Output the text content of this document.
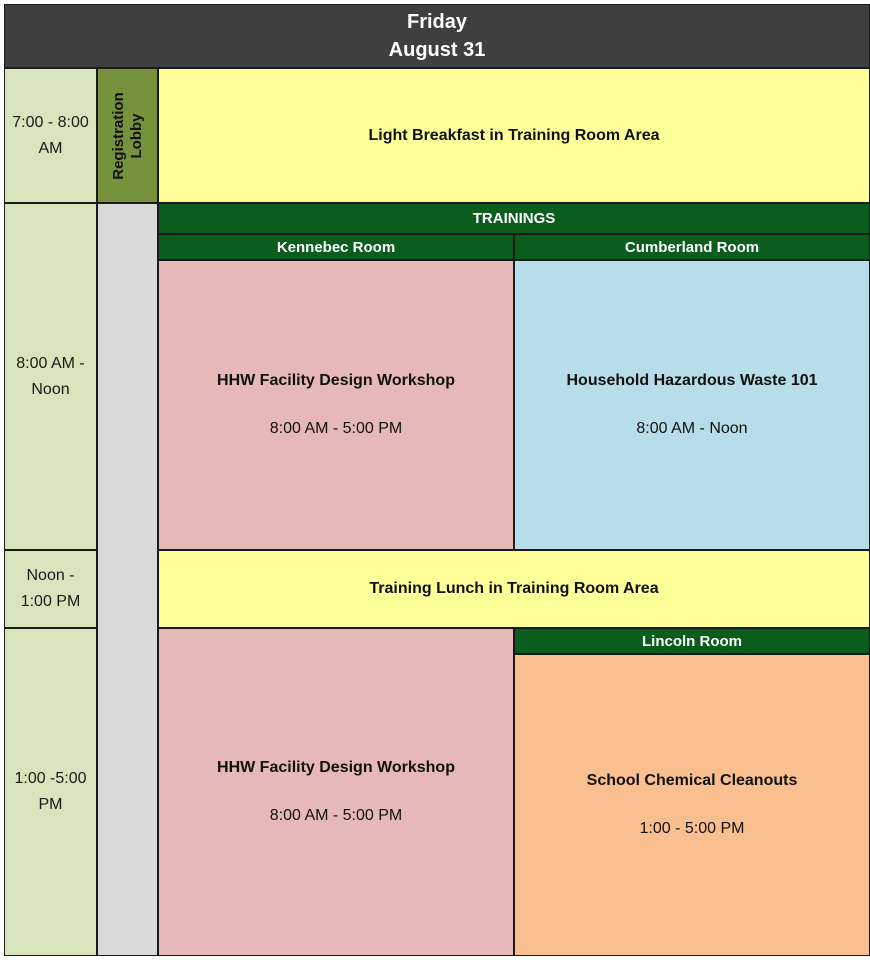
Friday
August 31
7:00 - 8:00 AM
8:00 AM - Noon
Noon - 1:00 PM
1:00 -5:00 PM
Registration Lobby	Light Breakfast in Training Room Area
TRAININGS
Kennebec Room	Cumberland Room
HHW Facility Design Workshop
8:00 AM - 5:00 PM
Household Hazardous Waste 101
8:00 AM - Noon
Training Lunch in Training Room Area
HHW Facility Design Workshop
8:00 AM - 5:00 PM
Lincoln Room
School Chemical Cleanouts
1:00 - 5:00 PM
